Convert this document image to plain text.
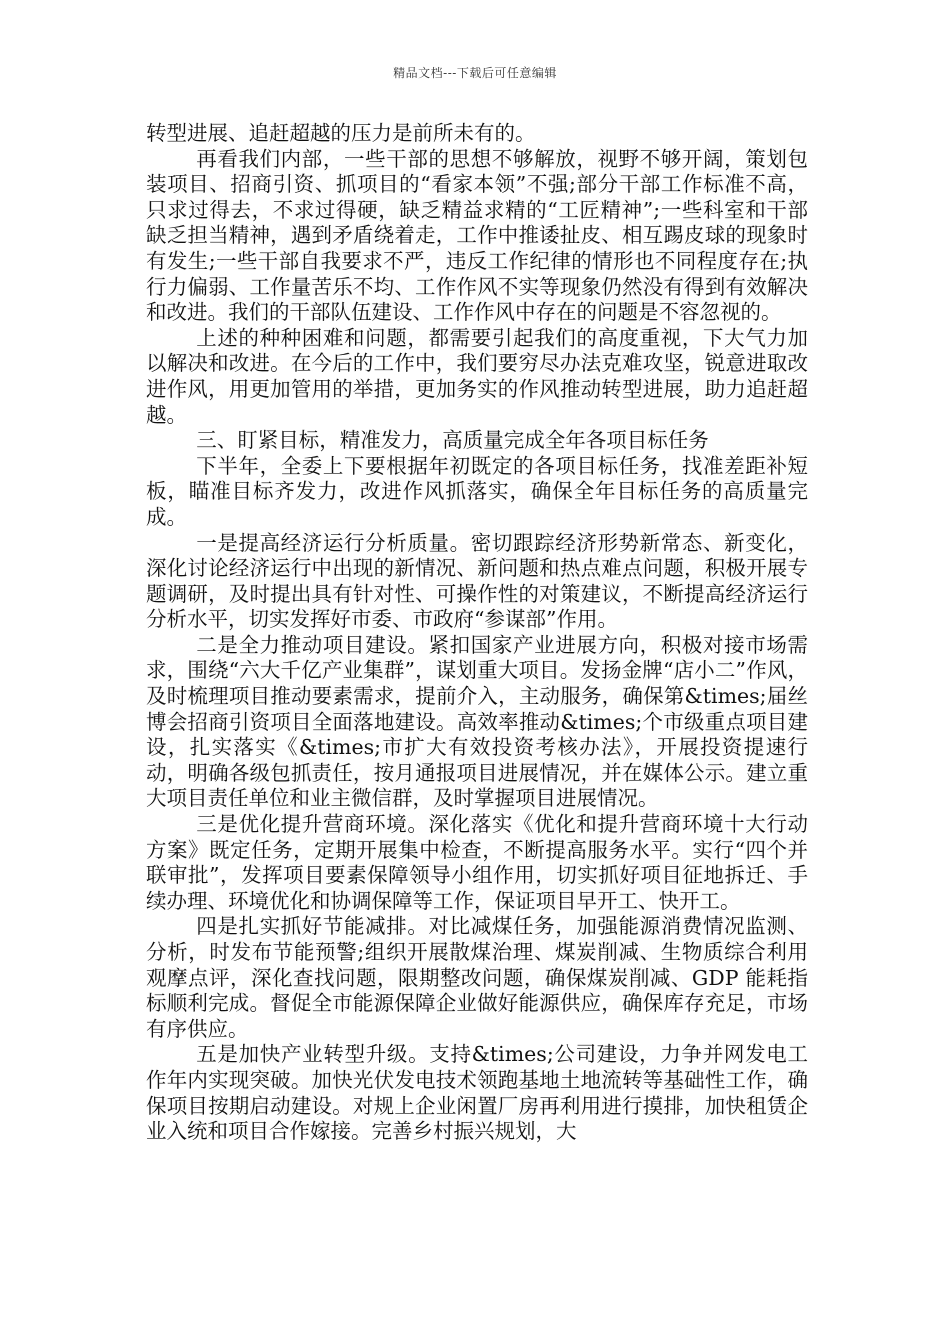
精品文档---下载后可任意编辑

转型进展、追赶超越的压力是前所未有的。

再看我们内部，一些干部的思想不够解放，视野不够开阔，策划包装项目、招商引资、抓项目的“看家本领”不强;部分干部工作标准不高，只求过得去，不求过得硬，缺乏精益求精的“工匠精神”;一些科室和干部缺乏担当精神，遇到矛盾绕着走，工作中推诿扯皮、相互踢皮球的现象时有发生;一些干部自我要求不严，违反工作纪律的情形也不同程度存在;执行力偏弱、工作量苦乐不均、工作作风不实等现象仍然没有得到有效解决和改进。我们的干部队伍建设、工作作风中存在的问题是不容忽视的。

上述的种种困难和问题，都需要引起我们的高度重视，下大气力加以解决和改进。在今后的工作中，我们要穷尽办法克难攻坚，锐意进取改进作风，用更加管用的举措，更加务实的作风推动转型进展，助力追赶超越。

三、盯紧目标，精准发力，高质量完成全年各项目标任务

下半年，全委上下要根据年初既定的各项目标任务，找准差距补短板，瞄准目标齐发力，改进作风抓落实，确保全年目标任务的高质量完成。

一是提高经济运行分析质量。密切跟踪经济形势新常态、新变化，深化讨论经济运行中出现的新情况、新问题和热点难点问题，积极开展专题调研，及时提出具有针对性、可操作性的对策建议，不断提高经济运行分析水平，切实发挥好市委、市政府“参谋部”作用。

二是全力推动项目建设。紧扣国家产业进展方向，积极对接市场需求，围绕“六大千亿产业集群”，谋划重大项目。发扬金牌“店小二”作风，及时梳理项目推动要素需求，提前介入，主动服务，确保第&times;届丝博会招商引资项目全面落地建设。高效率推动&times;个市级重点项目建设，扎实落实《&times;市扩大有效投资考核办法》，开展投资提速行动，明确各级包抓责任，按月通报项目进展情况，并在媒体公示。建立重大项目责任单位和业主微信群，及时掌握项目进展情况。

三是优化提升营商环境。深化落实《优化和提升营商环境十大行动方案》既定任务，定期开展集中检查，不断提高服务水平。实行“四个并联审批”，发挥项目要素保障领导小组作用，切实抓好项目征地拆迁、手续办理、环境优化和协调保障等工作，保证项目早开工、快开工。

四是扎实抓好节能减排。对比减煤任务，加强能源消费情况监测、分析，时发布节能预警;组织开展散煤治理、煤炭削减、生物质综合利用观摩点评，深化查找问题，限期整改问题，确保煤炭削减、GDP 能耗指标顺利完成。督促全市能源保障企业做好能源供应，确保库存充足，市场有序供应。

五是加快产业转型升级。支持&times;公司建设，力争并网发电工作年内实现突破。加快光伏发电技术领跑基地土地流转等基础性工作，确保项目按期启动建设。对规上企业闲置厂房再利用进行摸排，加快租赁企业入统和项目合作嫁接。完善乡村振兴规划，大
